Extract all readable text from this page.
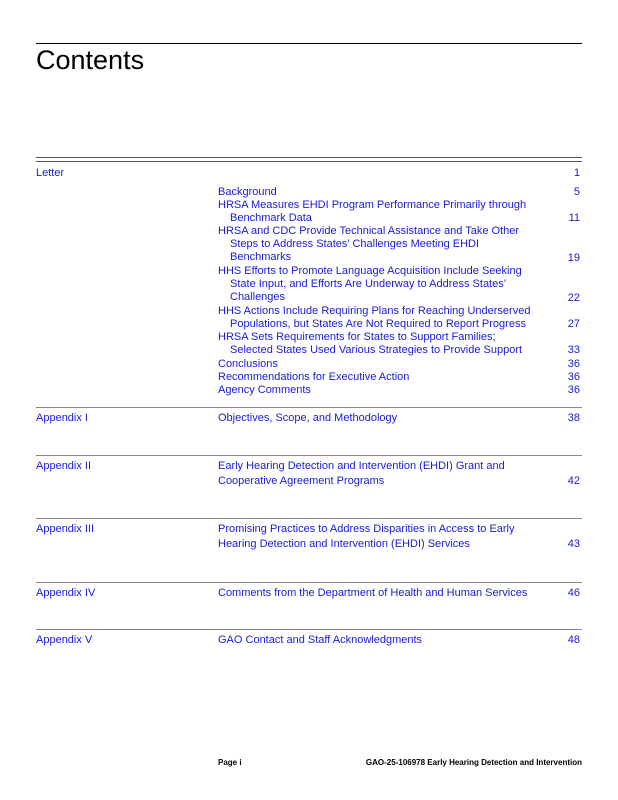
Contents
Letter	1
Background	5
HRSA Measures EHDI Program Performance Primarily through
Benchmark Data	11
HRSA and CDC Provide Technical Assistance and Take Other
Steps to Address States’ Challenges Meeting EHDI
Benchmarks	19
HHS Efforts to Promote Language Acquisition Include Seeking
State Input, and Efforts Are Underway to Address States’
Challenges	22
HHS Actions Include Requiring Plans for Reaching Underserved
Populations, but States Are Not Required to Report Progress	27
HRSA Sets Requirements for States to Support Families;
Selected States Used Various Strategies to Provide Support	33
Conclusions	36
Recommendations for Executive Action	36
Agency Comments	36
Appendix I	Objectives, Scope, and Methodology	38
Appendix II	Early Hearing Detection and Intervention (EHDI) Grant and
Cooperative Agreement Programs	42
Appendix III	Promising Practices to Address Disparities in Access to Early
Hearing Detection and Intervention (EHDI) Services	43
Appendix IV	Comments from the Department of Health and Human Services	46
Appendix V	GAO Contact and Staff Acknowledgments	48
Page i	GAO-25-106978 Early Hearing Detection and Intervention
